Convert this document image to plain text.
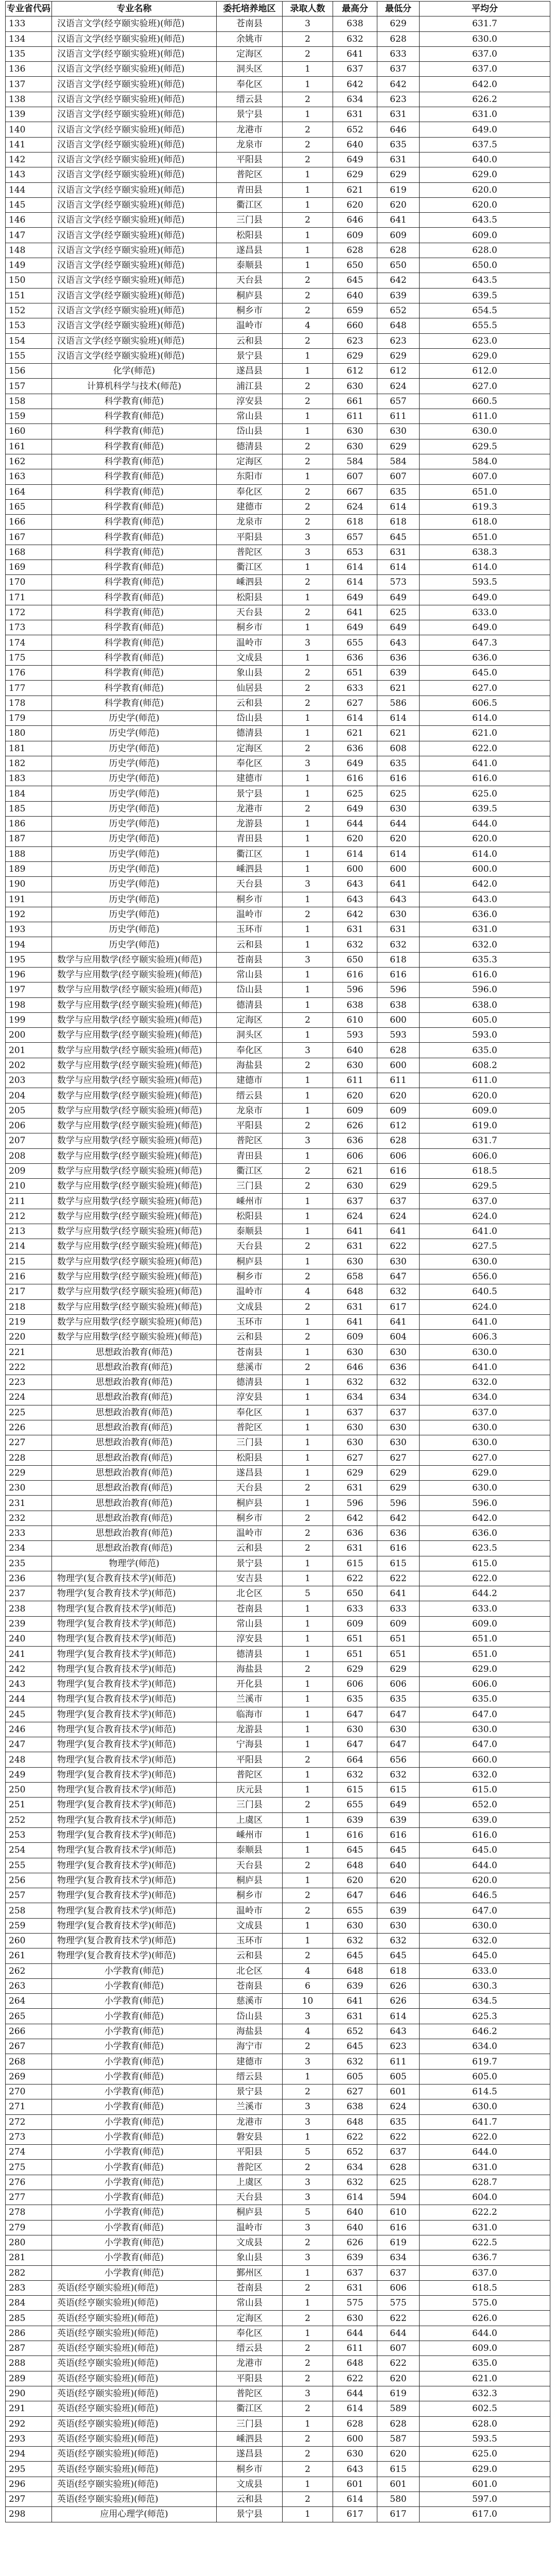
专业省代码	专业名称	委托培养地区	录取人数	最高分	最低分	平均分
133	汉语言文学(经亨颐实验班)(师范)	苍南县	3	638	629	631.7
134	汉语言文学(经亨颐实验班)(师范)	余姚市	2	632	628	630.0
135	汉语言文学(经亨颐实验班)(师范)	定海区	2	641	633	637.0
136	汉语言文学(经亨颐实验班)(师范)	洞头区	1	637	637	637.0
137	汉语言文学(经亨颐实验班)(师范)	奉化区	1	642	642	642.0
138	汉语言文学(经亨颐实验班)(师范)	缙云县	2	634	623	626.2
139	汉语言文学(经亨颐实验班)(师范)	景宁县	1	631	631	631.0
140	汉语言文学(经亨颐实验班)(师范)	龙港市	2	652	646	649.0
141	汉语言文学(经亨颐实验班)(师范)	龙泉市	2	640	635	637.5
142	汉语言文学(经亨颐实验班)(师范)	平阳县	2	649	631	640.0
143	汉语言文学(经亨颐实验班)(师范)	普陀区	1	629	629	629.0
144	汉语言文学(经亨颐实验班)(师范)	青田县	1	621	619	620.0
145	汉语言文学(经亨颐实验班)(师范)	衢江区	1	620	620	620.0
146	汉语言文学(经亨颐实验班)(师范)	三门县	2	646	641	643.5
147	汉语言文学(经亨颐实验班)(师范)	松阳县	1	609	609	609.0
148	汉语言文学(经亨颐实验班)(师范)	遂昌县	1	628	628	628.0
149	汉语言文学(经亨颐实验班)(师范)	泰顺县	1	650	650	650.0
150	汉语言文学(经亨颐实验班)(师范)	天台县	2	645	642	643.5
151	汉语言文学(经亨颐实验班)(师范)	桐庐县	2	640	639	639.5
152	汉语言文学(经亨颐实验班)(师范)	桐乡市	2	659	652	654.5
153	汉语言文学(经亨颐实验班)(师范)	温岭市	4	660	648	655.5
154	汉语言文学(经亨颐实验班)(师范)	云和县	2	623	623	623.0
155	汉语言文学(经亨颐实验班)(师范)	景宁县	1	629	629	629.0
156	化学(师范)	遂昌县	1	612	612	612.0
157	计算机科学与技术(师范)	浦江县	2	630	624	627.0
158	科学教育(师范)	淳安县	2	661	657	660.5
159	科学教育(师范)	常山县	1	611	611	611.0
160	科学教育(师范)	岱山县	1	630	630	630.0
161	科学教育(师范)	德清县	2	630	629	629.5
162	科学教育(师范)	定海区	2	584	584	584.0
163	科学教育(师范)	东阳市	1	607	607	607.0
164	科学教育(师范)	奉化区	2	667	635	651.0
165	科学教育(师范)	建德市	2	624	614	619.3
166	科学教育(师范)	龙泉市	2	618	618	618.0
167	科学教育(师范)	平阳县	3	657	645	651.0
168	科学教育(师范)	普陀区	3	653	631	638.3
169	科学教育(师范)	衢江区	1	614	614	614.0
170	科学教育(师范)	嵊泗县	2	614	573	593.5
171	科学教育(师范)	松阳县	1	649	649	649.0
172	科学教育(师范)	天台县	2	641	625	633.0
173	科学教育(师范)	桐乡市	1	649	649	649.0
174	科学教育(师范)	温岭市	3	655	643	647.3
175	科学教育(师范)	文成县	1	636	636	636.0
176	科学教育(师范)	象山县	2	651	639	645.0
177	科学教育(师范)	仙居县	2	633	621	627.0
178	科学教育(师范)	云和县	2	627	586	606.5
179	历史学(师范)	岱山县	1	614	614	614.0
180	历史学(师范)	德清县	1	621	621	621.0
181	历史学(师范)	定海区	2	636	608	622.0
182	历史学(师范)	奉化区	3	649	635	641.0
183	历史学(师范)	建德市	1	616	616	616.0
184	历史学(师范)	景宁县	1	625	625	625.0
185	历史学(师范)	龙港市	2	649	630	639.5
186	历史学(师范)	龙游县	1	644	644	644.0
187	历史学(师范)	青田县	1	620	620	620.0
188	历史学(师范)	衢江区	1	614	614	614.0
189	历史学(师范)	嵊泗县	1	600	600	600.0
190	历史学(师范)	天台县	3	643	641	642.0
191	历史学(师范)	桐乡市	1	643	643	643.0
192	历史学(师范)	温岭市	2	642	630	636.0
193	历史学(师范)	玉环市	1	631	631	631.0
194	历史学(师范)	云和县	1	632	632	632.0
195	数学与应用数学(经亨颐实验班)(师范)	苍南县	3	650	618	635.3
196	数学与应用数学(经亨颐实验班)(师范)	常山县	1	616	616	616.0
197	数学与应用数学(经亨颐实验班)(师范)	岱山县	1	596	596	596.0
198	数学与应用数学(经亨颐实验班)(师范)	德清县	1	638	638	638.0
199	数学与应用数学(经亨颐实验班)(师范)	定海区	2	610	600	605.0
200	数学与应用数学(经亨颐实验班)(师范)	洞头区	1	593	593	593.0
201	数学与应用数学(经亨颐实验班)(师范)	奉化区	3	640	628	635.0
202	数学与应用数学(经亨颐实验班)(师范)	海盐县	2	630	600	608.2
203	数学与应用数学(经亨颐实验班)(师范)	建德市	1	611	611	611.0
204	数学与应用数学(经亨颐实验班)(师范)	缙云县	1	620	620	620.0
205	数学与应用数学(经亨颐实验班)(师范)	龙泉市	1	609	609	609.0
206	数学与应用数学(经亨颐实验班)(师范)	平阳县	2	626	612	619.0
207	数学与应用数学(经亨颐实验班)(师范)	普陀区	3	636	628	631.7
208	数学与应用数学(经亨颐实验班)(师范)	青田县	1	606	606	606.0
209	数学与应用数学(经亨颐实验班)(师范)	衢江区	2	621	616	618.5
210	数学与应用数学(经亨颐实验班)(师范)	三门县	2	630	629	629.5
211	数学与应用数学(经亨颐实验班)(师范)	嵊州市	1	637	637	637.0
212	数学与应用数学(经亨颐实验班)(师范)	松阳县	1	624	624	624.0
213	数学与应用数学(经亨颐实验班)(师范)	泰顺县	1	641	641	641.0
214	数学与应用数学(经亨颐实验班)(师范)	天台县	2	631	622	627.5
215	数学与应用数学(经亨颐实验班)(师范)	桐庐县	1	630	630	630.0
216	数学与应用数学(经亨颐实验班)(师范)	桐乡市	2	658	647	656.0
217	数学与应用数学(经亨颐实验班)(师范)	温岭市	4	648	632	640.5
218	数学与应用数学(经亨颐实验班)(师范)	文成县	2	631	617	624.0
219	数学与应用数学(经亨颐实验班)(师范)	玉环市	1	641	641	641.0
220	数学与应用数学(经亨颐实验班)(师范)	云和县	2	609	604	606.3
221	思想政治教育(师范)	苍南县	1	630	630	630.0
222	思想政治教育(师范)	慈溪市	2	646	636	641.0
223	思想政治教育(师范)	德清县	1	632	632	632.0
224	思想政治教育(师范)	淳安县	1	634	634	634.0
225	思想政治教育(师范)	奉化区	1	637	637	637.0
226	思想政治教育(师范)	普陀区	1	630	630	630.0
227	思想政治教育(师范)	三门县	1	630	630	630.0
228	思想政治教育(师范)	松阳县	1	627	627	627.0
229	思想政治教育(师范)	遂昌县	1	629	629	629.0
230	思想政治教育(师范)	天台县	2	631	629	630.0
231	思想政治教育(师范)	桐庐县	1	596	596	596.0
232	思想政治教育(师范)	桐乡市	2	642	642	642.0
233	思想政治教育(师范)	温岭市	2	636	636	636.0
234	思想政治教育(师范)	云和县	2	631	616	623.5
235	物理学(师范)	景宁县	1	615	615	615.0
236	物理学(复合教育技术学)(师范)	安吉县	1	622	622	622.0
237	物理学(复合教育技术学)(师范)	北仑区	5	650	641	644.2
238	物理学(复合教育技术学)(师范)	苍南县	1	633	633	633.0
239	物理学(复合教育技术学)(师范)	常山县	1	609	609	609.0
240	物理学(复合教育技术学)(师范)	淳安县	1	651	651	651.0
241	物理学(复合教育技术学)(师范)	德清县	1	651	651	651.0
242	物理学(复合教育技术学)(师范)	海盐县	2	629	629	629.0
243	物理学(复合教育技术学)(师范)	开化县	1	606	606	606.0
244	物理学(复合教育技术学)(师范)	兰溪市	1	635	635	635.0
245	物理学(复合教育技术学)(师范)	临海市	1	647	647	647.0
246	物理学(复合教育技术学)(师范)	龙游县	1	630	630	630.0
247	物理学(复合教育技术学)(师范)	宁海县	1	647	647	647.0
248	物理学(复合教育技术学)(师范)	平阳县	2	664	656	660.0
249	物理学(复合教育技术学)(师范)	普陀区	1	632	632	632.0
250	物理学(复合教育技术学)(师范)	庆元县	1	615	615	615.0
251	物理学(复合教育技术学)(师范)	三门县	2	655	649	652.0
252	物理学(复合教育技术学)(师范)	上虞区	1	639	639	639.0
253	物理学(复合教育技术学)(师范)	嵊州市	1	616	616	616.0
254	物理学(复合教育技术学)(师范)	泰顺县	1	645	645	645.0
255	物理学(复合教育技术学)(师范)	天台县	2	648	640	644.0
256	物理学(复合教育技术学)(师范)	桐庐县	1	620	620	620.0
257	物理学(复合教育技术学)(师范)	桐乡市	2	647	646	646.5
258	物理学(复合教育技术学)(师范)	温岭市	2	655	639	647.0
259	物理学(复合教育技术学)(师范)	文成县	1	630	630	630.0
260	物理学(复合教育技术学)(师范)	玉环市	1	632	632	632.0
261	物理学(复合教育技术学)(师范)	云和县	2	645	645	645.0
262	小学教育(师范)	北仑区	4	648	618	633.0
263	小学教育(师范)	苍南县	6	639	626	630.3
264	小学教育(师范)	慈溪市	10	641	626	634.5
265	小学教育(师范)	岱山县	3	631	614	625.3
266	小学教育(师范)	海盐县	4	652	643	646.2
267	小学教育(师范)	海宁市	2	645	623	634.0
268	小学教育(师范)	建德市	3	632	611	619.7
269	小学教育(师范)	缙云县	1	605	605	605.0
270	小学教育(师范)	景宁县	2	627	601	614.5
271	小学教育(师范)	兰溪市	3	638	624	630.0
272	小学教育(师范)	龙港市	3	648	635	641.7
273	小学教育(师范)	磐安县	1	622	622	622.0
274	小学教育(师范)	平阳县	5	652	637	644.0
275	小学教育(师范)	普陀区	2	634	628	631.0
276	小学教育(师范)	上虞区	3	632	625	628.7
277	小学教育(师范)	天台县	3	614	594	604.0
278	小学教育(师范)	桐庐县	5	640	610	622.2
279	小学教育(师范)	温岭市	3	640	616	631.0
280	小学教育(师范)	文成县	2	626	619	622.5
281	小学教育(师范)	象山县	3	639	634	636.7
282	小学教育(师范)	鄞州区	1	637	637	637.0
283	英语(经亨颐实验班)(师范)	苍南县	2	631	606	618.5
284	英语(经亨颐实验班)(师范)	常山县	1	575	575	575.0
285	英语(经亨颐实验班)(师范)	定海区	2	630	622	626.0
286	英语(经亨颐实验班)(师范)	奉化区	1	644	644	644.0
287	英语(经亨颐实验班)(师范)	缙云县	2	611	607	609.0
288	英语(经亨颐实验班)(师范)	龙港市	2	648	622	635.0
289	英语(经亨颐实验班)(师范)	平阳县	2	622	620	621.0
290	英语(经亨颐实验班)(师范)	普陀区	3	644	619	632.3
291	英语(经亨颐实验班)(师范)	衢江区	2	614	589	602.5
292	英语(经亨颐实验班)(师范)	三门县	1	628	628	628.0
293	英语(经亨颐实验班)(师范)	嵊泗县	2	600	587	593.5
294	英语(经亨颐实验班)(师范)	遂昌县	2	630	620	625.0
295	英语(经亨颐实验班)(师范)	桐乡市	2	643	615	629.0
296	英语(经亨颐实验班)(师范)	文成县	1	601	601	601.0
297	英语(经亨颐实验班)(师范)	云和县	2	614	580	597.0
298	应用心理学(师范)	景宁县	1	617	617	617.0
